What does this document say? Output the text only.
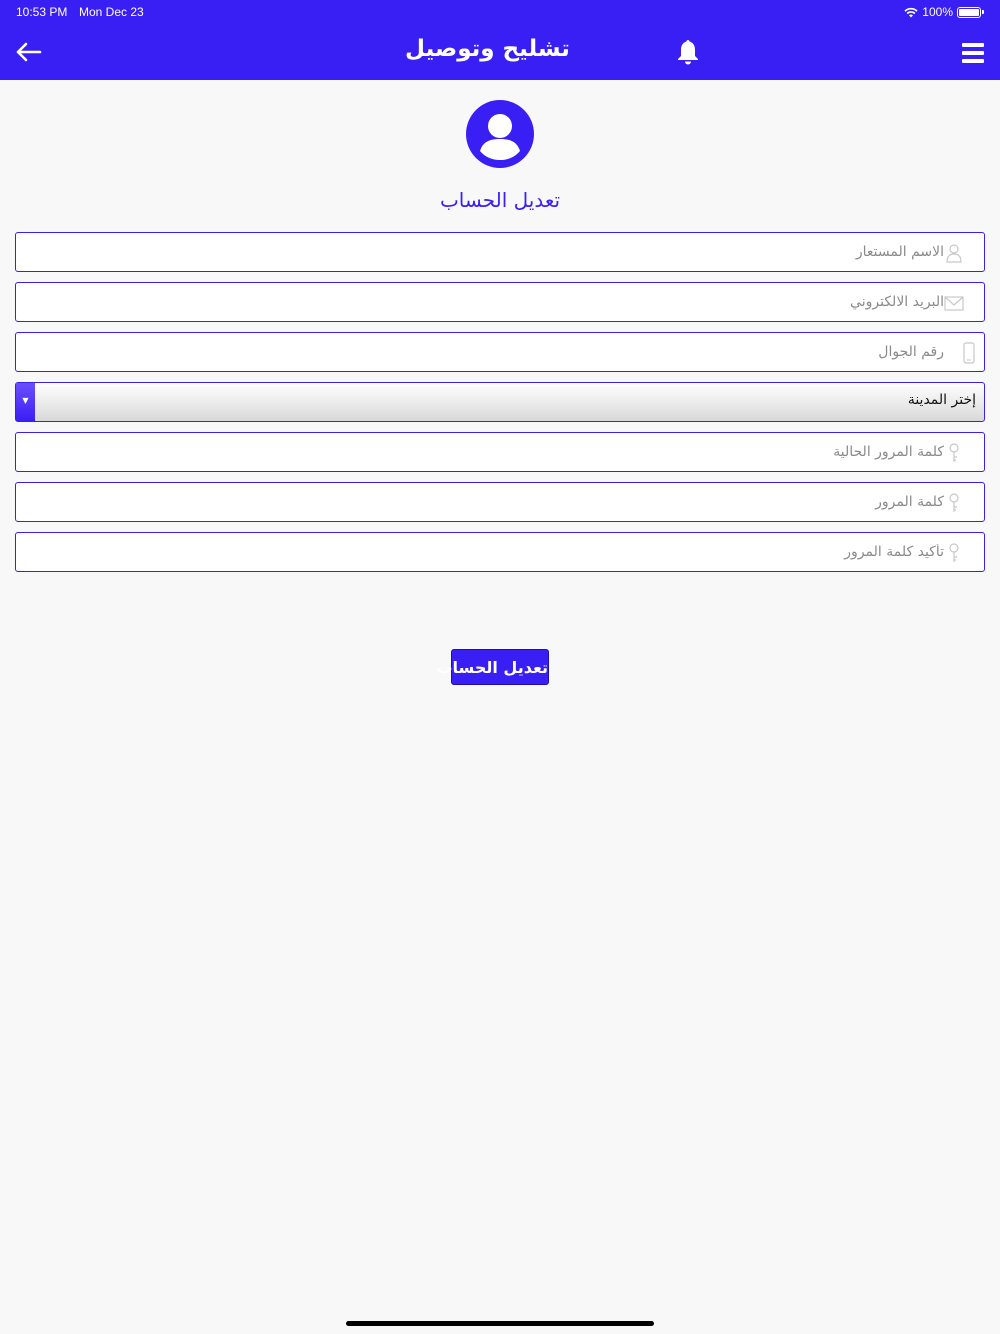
10:53 PM Mon Dec 23	100%
تشليح وتوصيل
تعديل الحساب
الاسم المستعار
البريد الالكتروني
رقم الجوال
▼	إختر المدينة
تعديل الحساب
